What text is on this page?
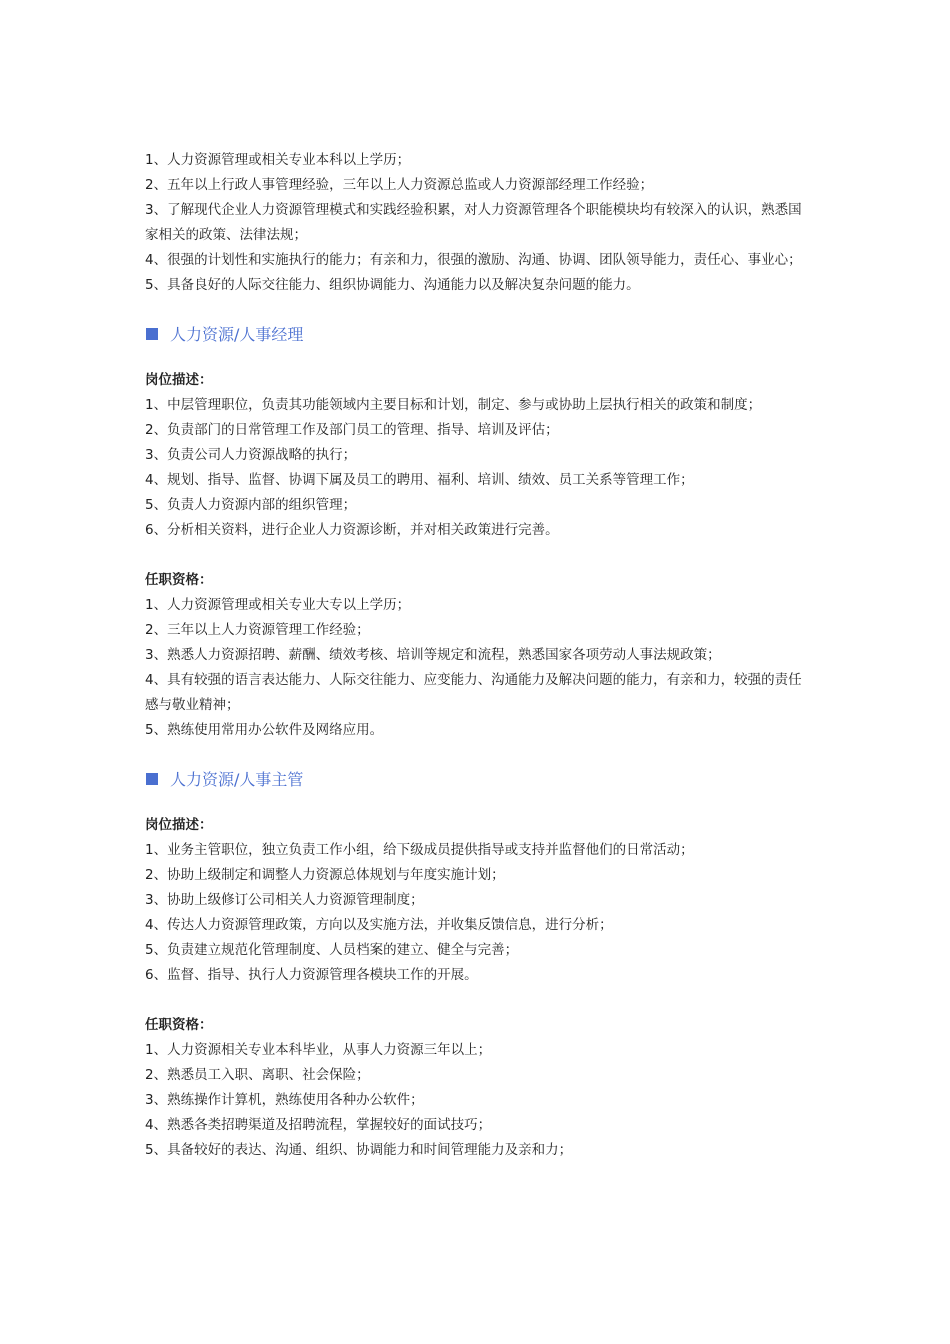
1、人力资源管理或相关专业本科以上学历；

2、五年以上行政人事管理经验，三年以上人力资源总监或人力资源部经理工作经验；

3、了解现代企业人力资源管理模式和实践经验积累，对人力资源管理各个职能模块均有较深入的认识，熟悉国家相关的政策、法律法规；

4、很强的计划性和实施执行的能力；有亲和力，很强的激励、沟通、协调、团队领导能力，责任心、事业心；

5、具备良好的人际交往能力、组织协调能力、沟通能力以及解决复杂问题的能力。

人力资源/人事经理

岗位描述：

1、中层管理职位，负责其功能领域内主要目标和计划，制定、参与或协助上层执行相关的政策和制度；

2、负责部门的日常管理工作及部门员工的管理、指导、培训及评估；

3、负责公司人力资源战略的执行；

4、规划、指导、监督、协调下属及员工的聘用、福利、培训、绩效、员工关系等管理工作；

5、负责人力资源内部的组织管理；

6、分析相关资料，进行企业人力资源诊断，并对相关政策进行完善。

任职资格：

1、人力资源管理或相关专业大专以上学历；

2、三年以上人力资源管理工作经验；

3、熟悉人力资源招聘、薪酬、绩效考核、培训等规定和流程，熟悉国家各项劳动人事法规政策；

4、具有较强的语言表达能力、人际交往能力、应变能力、沟通能力及解决问题的能力，有亲和力，较强的责任感与敬业精神；

5、熟练使用常用办公软件及网络应用。

人力资源/人事主管

岗位描述：

1、业务主管职位，独立负责工作小组，给下级成员提供指导或支持并监督他们的日常活动；

2、协助上级制定和调整人力资源总体规划与年度实施计划；

3、协助上级修订公司相关人力资源管理制度；

4、传达人力资源管理政策，方向以及实施方法，并收集反馈信息，进行分析；

5、负责建立规范化管理制度、人员档案的建立、健全与完善；

6、监督、指导、执行人力资源管理各模块工作的开展。

任职资格：

1、人力资源相关专业本科毕业，从事人力资源三年以上；

2、熟悉员工入职、离职、社会保险；

3、熟练操作计算机，熟练使用各种办公软件；

4、熟悉各类招聘渠道及招聘流程，掌握较好的面试技巧；

5、具备较好的表达、沟通、组织、协调能力和时间管理能力及亲和力；
